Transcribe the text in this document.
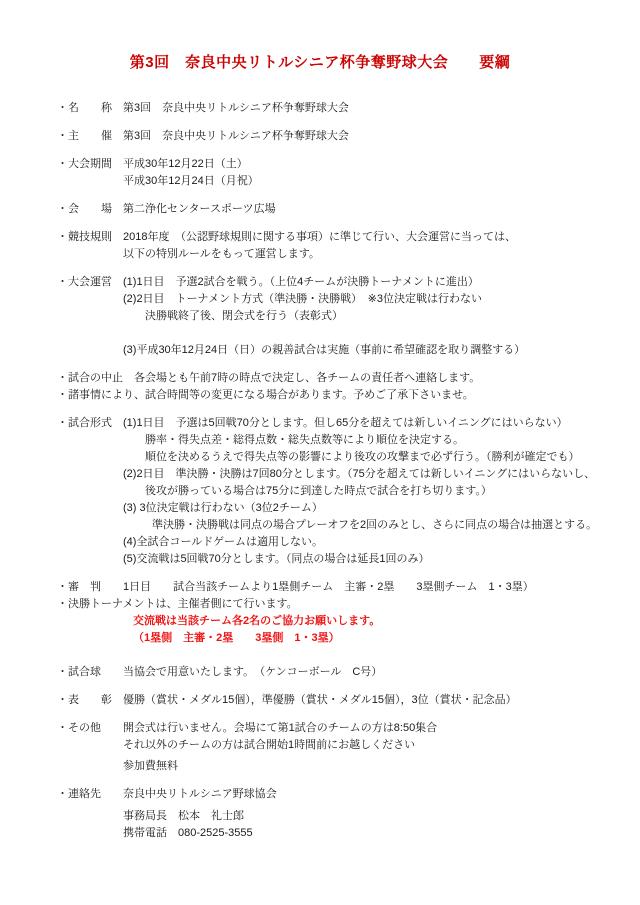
第3回　奈良中央リトルシニア杯争奪野球大会　　要綱
・名　　称　第3回　奈良中央リトルシニア杯争奪野球大会
・主　　催　第3回　奈良中央リトルシニア杯争奪野球大会
・大会期間　平成30年12月22日（土）
平成30年12月24日（月祝）
・会　　場　第二浄化センタースポーツ広場
・競技規則　2018年度　（公認野球規則に関する事項）に準じて行い、大会運営に当っては、
以下の特別ルールをもって運営します。
・大会運営　(1)1日目　予選2試合を戦う。（上位4チームが決勝トーナメントに進出）
(2)2日目　トーナメント方式（準決勝・決勝戦）　※3位決定戦は行わない
決勝戦終了後、閉会式を行う（表彰式）
(3)平成30年12月24日（日）の親善試合は実施（事前に希望確認を取り調整する）
・試合の中止　各会場とも午前7時の時点で決定し、各チームの責任者へ連絡します。
・諸事情により、試合時間等の変更になる場合があります。予めご了承下さいませ。
・試合形式　(1)1日目　予選は5回戦70分とします。但し65分を超えては新しいイニングにはいらない）
勝率・得失点差・総得点数・総失点数等により順位を決定する。
順位を決めるうえで得失点等の影響により後攻の攻撃まで必ず行う。（勝利が確定でも）
(2)2日目　準決勝・決勝は7回80分とします。（75分を超えては新しいイニングにはいらないし、
後攻が勝っている場合は75分に到達した時点で試合を打ち切ります。）
(3) 3位決定戦は行わない（3位2チーム）
準決勝・決勝戦は同点の場合プレーオフを2回のみとし、さらに同点の場合は抽選とする。
(4)全試合コールドゲームは適用しない。
(5)交流戦は5回戦70分とします。（同点の場合は延長1回のみ）
・審　判　　1日目　　試合当該チームより1塁側チーム　主審・2塁　　3塁側チーム　1・3塁）
・決勝トーナメントは、主催者側にて行います。
交流戦は当該チーム各2名のご協力お願いします。
（1塁側　主審・2塁　　3塁側　1・3塁）
・試合球　　当協会で用意いたします。　（ケンコーボール　C号）
・表　　彰　優勝（賞状・メダル15個），準優勝（賞状・メダル15個），3位（賞状・記念品）
・その他　　開会式は行いません。会場にて第1試合のチームの方は8:50集合
それ以外のチームの方は試合開始1時間前にお越しください
参加費無料
・連絡先　　奈良中央リトルシニア野球協会
事務局長　松本　礼士郎
携帯電話　080-2525-3555
